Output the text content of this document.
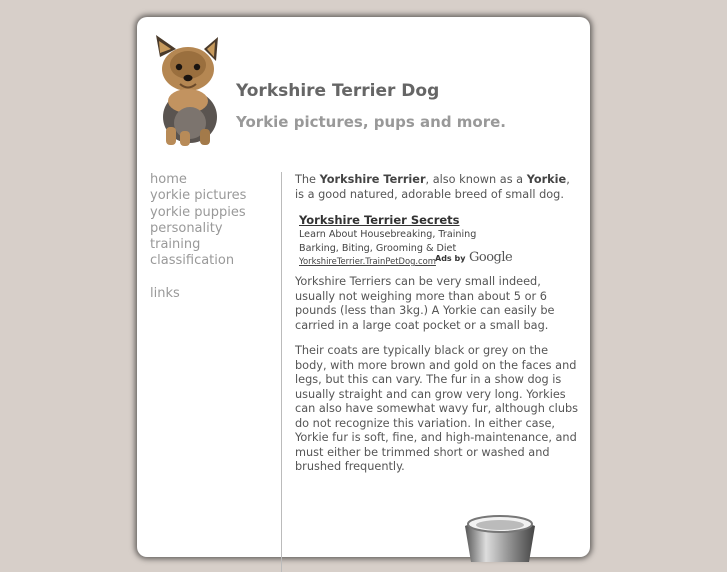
Yorkshire Terrier Dog
Yorkie pictures, pups and more.
home
yorkie pictures
yorkie puppies
personality
training
classification
links

The Yorkshire Terrier, also known as a Yorkie, is a good natured, adorable breed of small dog.

Yorkshire Terrier Secrets
Learn About Housebreaking, Training
Barking, Biting, Grooming & Diet
YorkshireTerrier.TrainPetDog.com Ads by Google

Yorkshire Terriers can be very small indeed, usually not weighing more than about 5 or 6 pounds (less than 3kg.) A Yorkie can easily be carried in a large coat pocket or a small bag.

Their coats are typically black or grey on the body, with more brown and gold on the faces and legs, but this can vary. The fur in a show dog is usually straight and can grow very long. Yorkies can also have somewhat wavy fur, although clubs do not recognize this variation. In either case, Yorkie fur is soft, fine, and high-maintenance, and must either be trimmed short or washed and brushed frequently.
